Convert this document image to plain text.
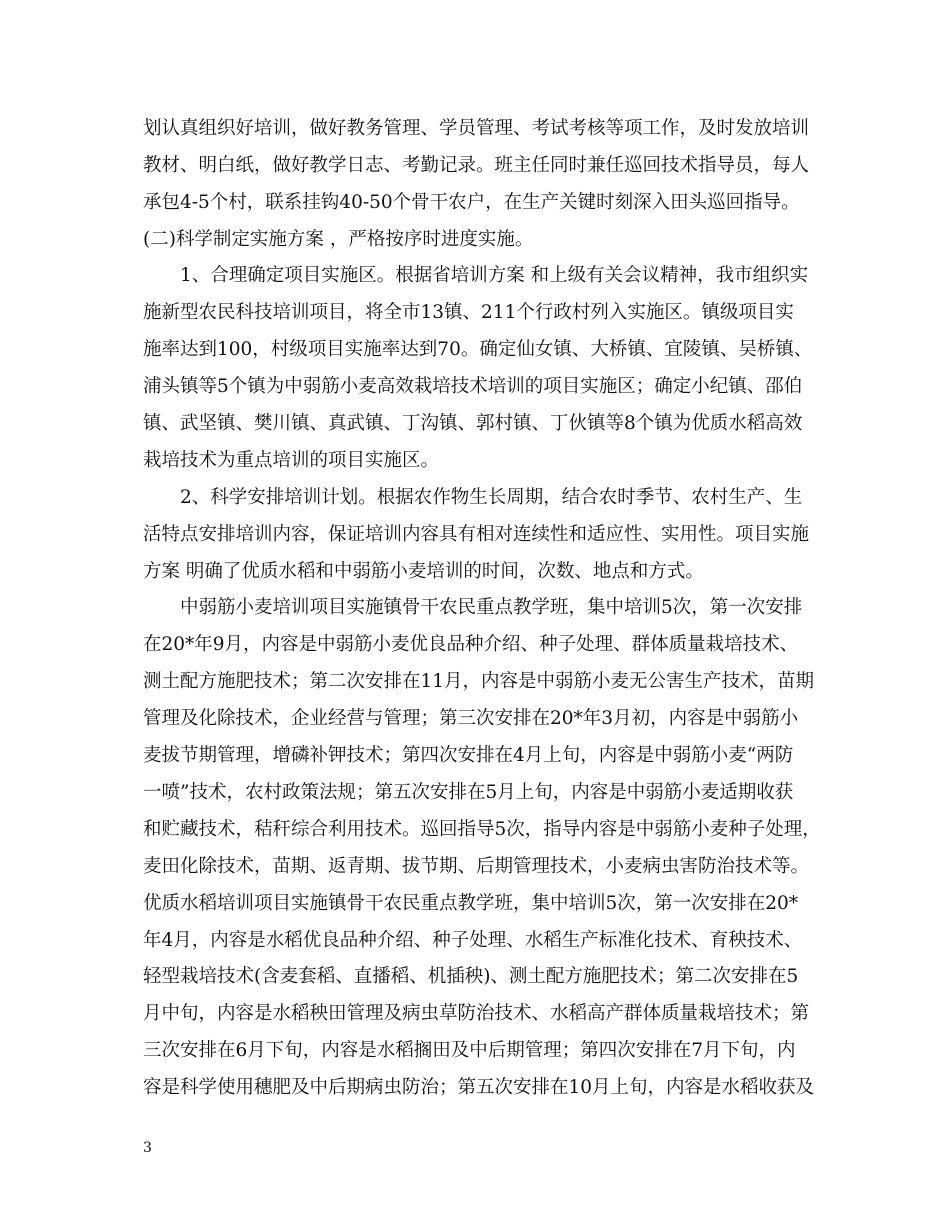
划认真组织好培训，做好教务管理、学员管理、考试考核等项工作，及时发放培训
教材、明白纸，做好教学日志、考勤记录。班主任同时兼任巡回技术指导员，每人
承包4-5个村，联系挂钩40-50个骨干农户，在生产关键时刻深入田头巡回指导。
(二)科学制定实施方案 ，严格按序时进度实施。
1、合理确定项目实施区。根据省培训方案 和上级有关会议精神，我市组织实
施新型农民科技培训项目，将全市13镇、211个行政村列入实施区。镇级项目实
施率达到100，村级项目实施率达到70。确定仙女镇、大桥镇、宜陵镇、吴桥镇、
浦头镇等5个镇为中弱筋小麦高效栽培技术培训的项目实施区；确定小纪镇、邵伯
镇、武坚镇、樊川镇、真武镇、丁沟镇、郭村镇、丁伙镇等8个镇为优质水稻高效
栽培技术为重点培训的项目实施区。
2、科学安排培训计划。根据农作物生长周期，结合农时季节、农村生产、生
活特点安排培训内容，保证培训内容具有相对连续性和适应性、实用性。项目实施
方案 明确了优质水稻和中弱筋小麦培训的时间，次数、地点和方式。
中弱筋小麦培训项目实施镇骨干农民重点教学班，集中培训5次，第一次安排
在20*年9月，内容是中弱筋小麦优良品种介绍、种子处理、群体质量栽培技术、
测土配方施肥技术；第二次安排在11月，内容是中弱筋小麦无公害生产技术，苗期
管理及化除技术，企业经营与管理；第三次安排在20*年3月初，内容是中弱筋小
麦拔节期管理，增磷补钾技术；第四次安排在4月上旬，内容是中弱筋小麦“两防
一喷”技术，农村政策法规；第五次安排在5月上旬，内容是中弱筋小麦适期收获
和贮藏技术，秸秆综合利用技术。巡回指导5次，指导内容是中弱筋小麦种子处理，
麦田化除技术，苗期、返青期、拔节期、后期管理技术，小麦病虫害防治技术等。
优质水稻培训项目实施镇骨干农民重点教学班，集中培训5次，第一次安排在20*
年4月，内容是水稻优良品种介绍、种子处理、水稻生产标准化技术、育秧技术、
轻型栽培技术(含麦套稻、直播稻、机插秧)、测土配方施肥技术；第二次安排在5
月中旬，内容是水稻秧田管理及病虫草防治技术、水稻高产群体质量栽培技术；第
三次安排在6月下旬，内容是水稻搁田及中后期管理；第四次安排在7月下旬，内
容是科学使用穗肥及中后期病虫防治；第五次安排在10月上旬，内容是水稻收获及
3
